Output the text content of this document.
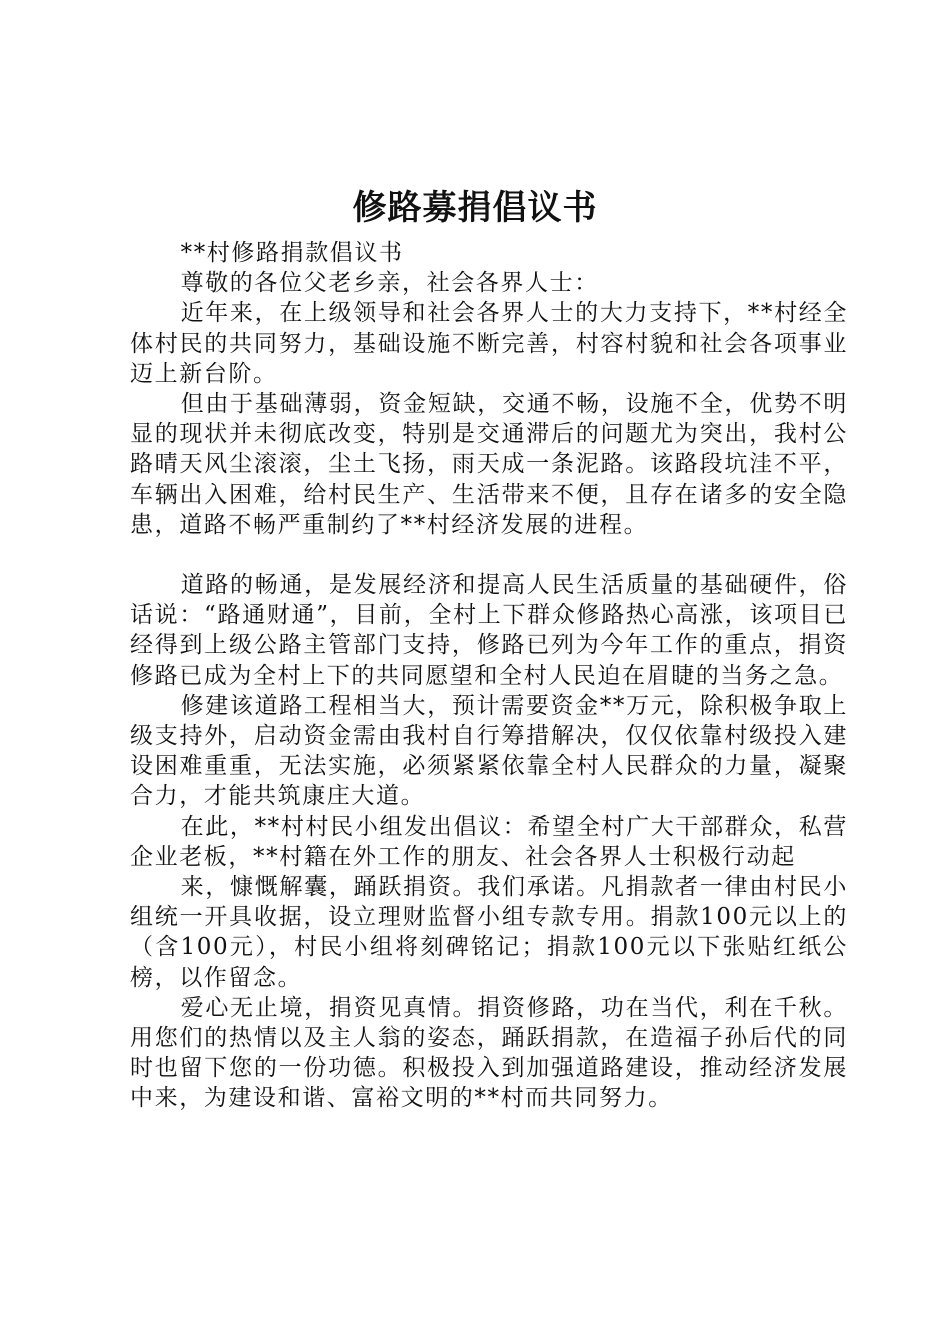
修路募捐倡议书

**村修路捐款倡议书

尊敬的各位父老乡亲，社会各界人士：

近年来，在上级领导和社会各界人士的大力支持下，**村经全体村民的共同努力，基础设施不断完善，村容村貌和社会各项事业迈上新台阶。

但由于基础薄弱，资金短缺，交通不畅，设施不全，优势不明显的现状并未彻底改变，特别是交通滞后的问题尤为突出，我村公路晴天风尘滚滚，尘土飞扬，雨天成一条泥路。该路段坑洼不平，车辆出入困难，给村民生产、生活带来不便，且存在诸多的安全隐患，道路不畅严重制约了**村经济发展的进程。

道路的畅通，是发展经济和提高人民生活质量的基础硬件，俗话说：“路通财通”，目前，全村上下群众修路热心高涨，该项目已经得到上级公路主管部门支持，修路已列为今年工作的重点，捐资修路已成为全村上下的共同愿望和全村人民迫在眉睫的当务之急。

修建该道路工程相当大，预计需要资金**万元，除积极争取上级支持外，启动资金需由我村自行筹措解决，仅仅依靠村级投入建设困难重重，无法实施，必须紧紧依靠全村人民群众的力量，凝聚合力，才能共筑康庄大道。

在此，**村村民小组发出倡议：希望全村广大干部群众，私营企业老板，**村籍在外工作的朋友、社会各界人士积极行动起

来，慷慨解囊，踊跃捐资。我们承诺。凡捐款者一律由村民小组统一开具收据，设立理财监督小组专款专用。捐款100元以上的（含100元），村民小组将刻碑铭记；捐款100元以下张贴红纸公榜，以作留念。

爱心无止境，捐资见真情。捐资修路，功在当代，利在千秋。用您们的热情以及主人翁的姿态，踊跃捐款，在造福子孙后代的同时也留下您的一份功德。积极投入到加强道路建设，推动经济发展中来，为建设和谐、富裕文明的**村而共同努力。
